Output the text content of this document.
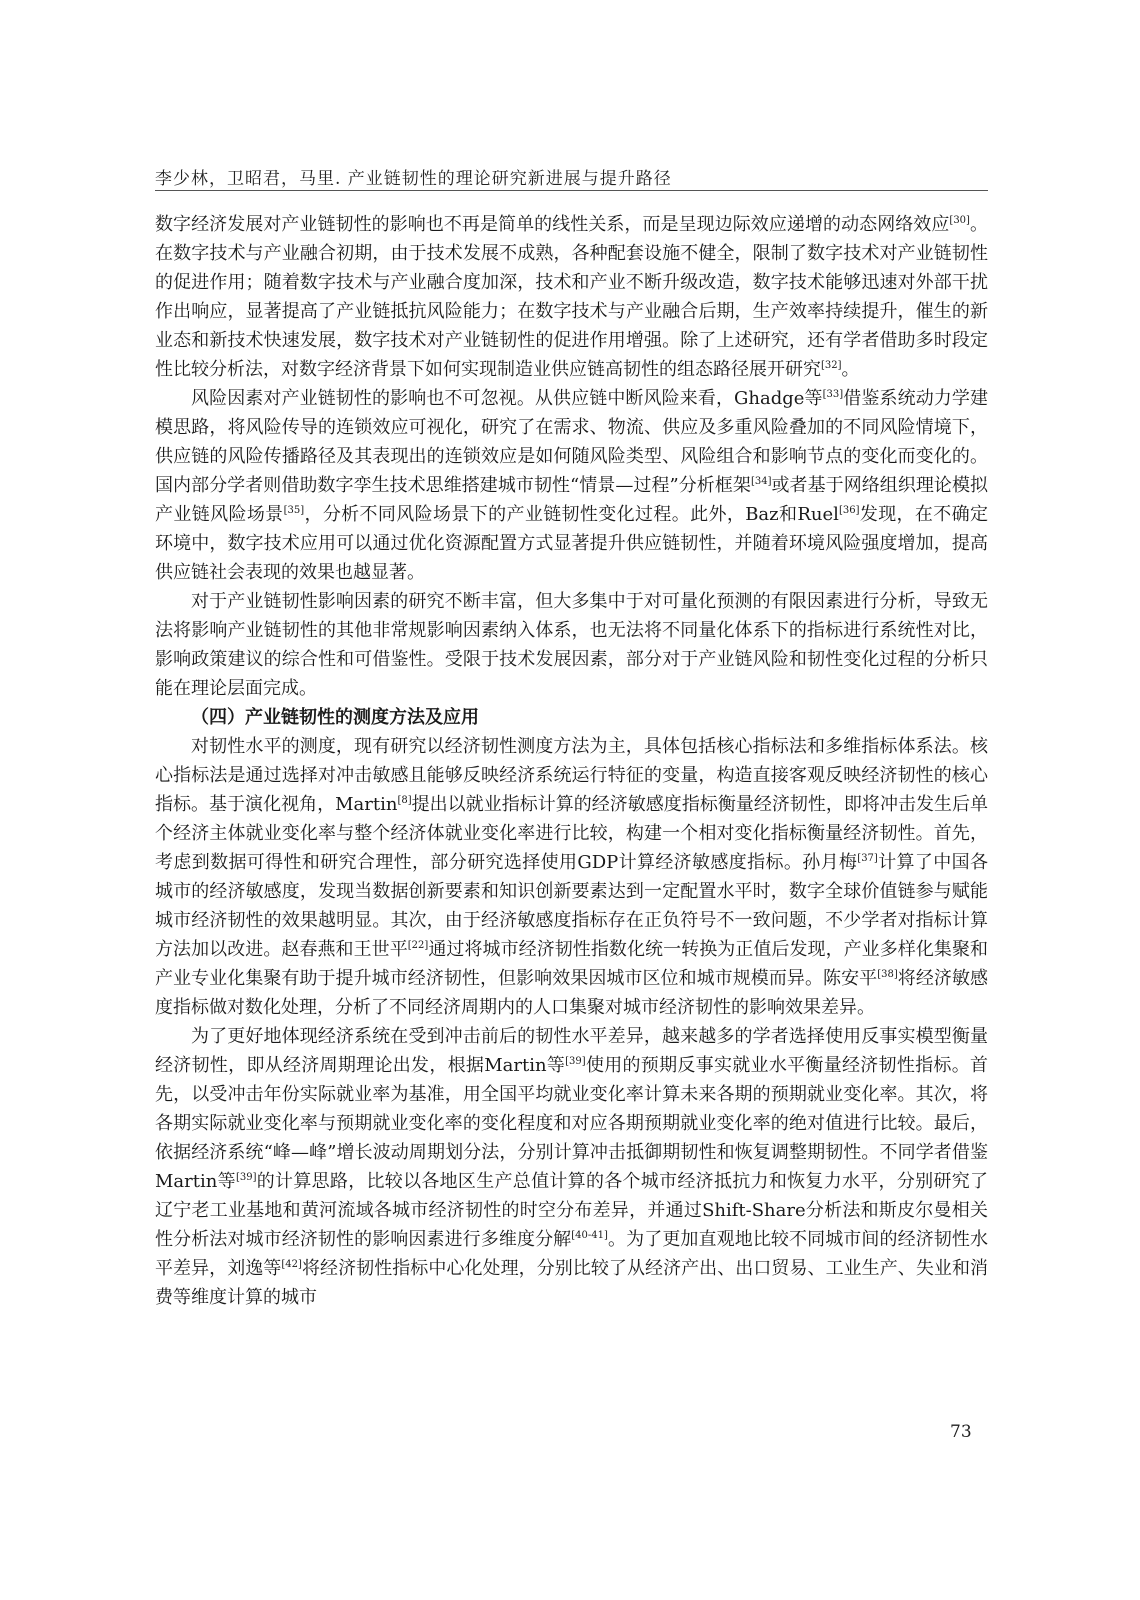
李少林，卫昭君，马里. 产业链韧性的理论研究新进展与提升路径

数字经济发展对产业链韧性的影响也不再是简单的线性关系，而是呈现边际效应递增的动态网络效应[30]。在数字技术与产业融合初期，由于技术发展不成熟，各种配套设施不健全，限制了数字技术对产业链韧性的促进作用；随着数字技术与产业融合度加深，技术和产业不断升级改造，数字技术能够迅速对外部干扰作出响应，显著提高了产业链抵抗风险能力；在数字技术与产业融合后期，生产效率持续提升，催生的新业态和新技术快速发展，数字技术对产业链韧性的促进作用增强。除了上述研究，还有学者借助多时段定性比较分析法，对数字经济背景下如何实现制造业供应链高韧性的组态路径展开研究[32]。

风险因素对产业链韧性的影响也不可忽视。从供应链中断风险来看，Ghadge等[33]借鉴系统动力学建模思路，将风险传导的连锁效应可视化，研究了在需求、物流、供应及多重风险叠加的不同风险情境下，供应链的风险传播路径及其表现出的连锁效应是如何随风险类型、风险组合和影响节点的变化而变化的。国内部分学者则借助数字孪生技术思维搭建城市韧性“情景—过程”分析框架[34]或者基于网络组织理论模拟产业链风险场景[35]，分析不同风险场景下的产业链韧性变化过程。此外，Baz和Ruel[36]发现，在不确定环境中，数字技术应用可以通过优化资源配置方式显著提升供应链韧性，并随着环境风险强度增加，提高供应链社会表现的效果也越显著。

对于产业链韧性影响因素的研究不断丰富，但大多集中于对可量化预测的有限因素进行分析，导致无法将影响产业链韧性的其他非常规影响因素纳入体系，也无法将不同量化体系下的指标进行系统性对比，影响政策建议的综合性和可借鉴性。受限于技术发展因素，部分对于产业链风险和韧性变化过程的分析只能在理论层面完成。

（四）产业链韧性的测度方法及应用

对韧性水平的测度，现有研究以经济韧性测度方法为主，具体包括核心指标法和多维指标体系法。核心指标法是通过选择对冲击敏感且能够反映经济系统运行特征的变量，构造直接客观反映经济韧性的核心指标。基于演化视角，Martin[8]提出以就业指标计算的经济敏感度指标衡量经济韧性，即将冲击发生后单个经济主体就业变化率与整个经济体就业变化率进行比较，构建一个相对变化指标衡量经济韧性。首先，考虑到数据可得性和研究合理性，部分研究选择使用GDP计算经济敏感度指标。孙月梅[37]计算了中国各城市的经济敏感度，发现当数据创新要素和知识创新要素达到一定配置水平时，数字全球价值链参与赋能城市经济韧性的效果越明显。其次，由于经济敏感度指标存在正负符号不一致问题，不少学者对指标计算方法加以改进。赵春燕和王世平[22]通过将城市经济韧性指数化统一转换为正值后发现，产业多样化集聚和产业专业化集聚有助于提升城市经济韧性，但影响效果因城市区位和城市规模而异。陈安平[38]将经济敏感度指标做对数化处理，分析了不同经济周期内的人口集聚对城市经济韧性的影响效果差异。

为了更好地体现经济系统在受到冲击前后的韧性水平差异，越来越多的学者选择使用反事实模型衡量经济韧性，即从经济周期理论出发，根据Martin等[39]使用的预期反事实就业水平衡量经济韧性指标。首先，以受冲击年份实际就业率为基准，用全国平均就业变化率计算未来各期的预期就业变化率。其次，将各期实际就业变化率与预期就业变化率的变化程度和对应各期预期就业变化率的绝对值进行比较。最后，依据经济系统“峰—峰”增长波动周期划分法，分别计算冲击抵御期韧性和恢复调整期韧性。不同学者借鉴Martin等[39]的计算思路，比较以各地区生产总值计算的各个城市经济抵抗力和恢复力水平，分别研究了辽宁老工业基地和黄河流域各城市经济韧性的时空分布差异，并通过Shift-Share分析法和斯皮尔曼相关性分析法对城市经济韧性的影响因素进行多维度分解[40-41]。为了更加直观地比较不同城市间的经济韧性水平差异，刘逸等[42]将经济韧性指标中心化处理，分别比较了从经济产出、出口贸易、工业生产、失业和消费等维度计算的城市

73
